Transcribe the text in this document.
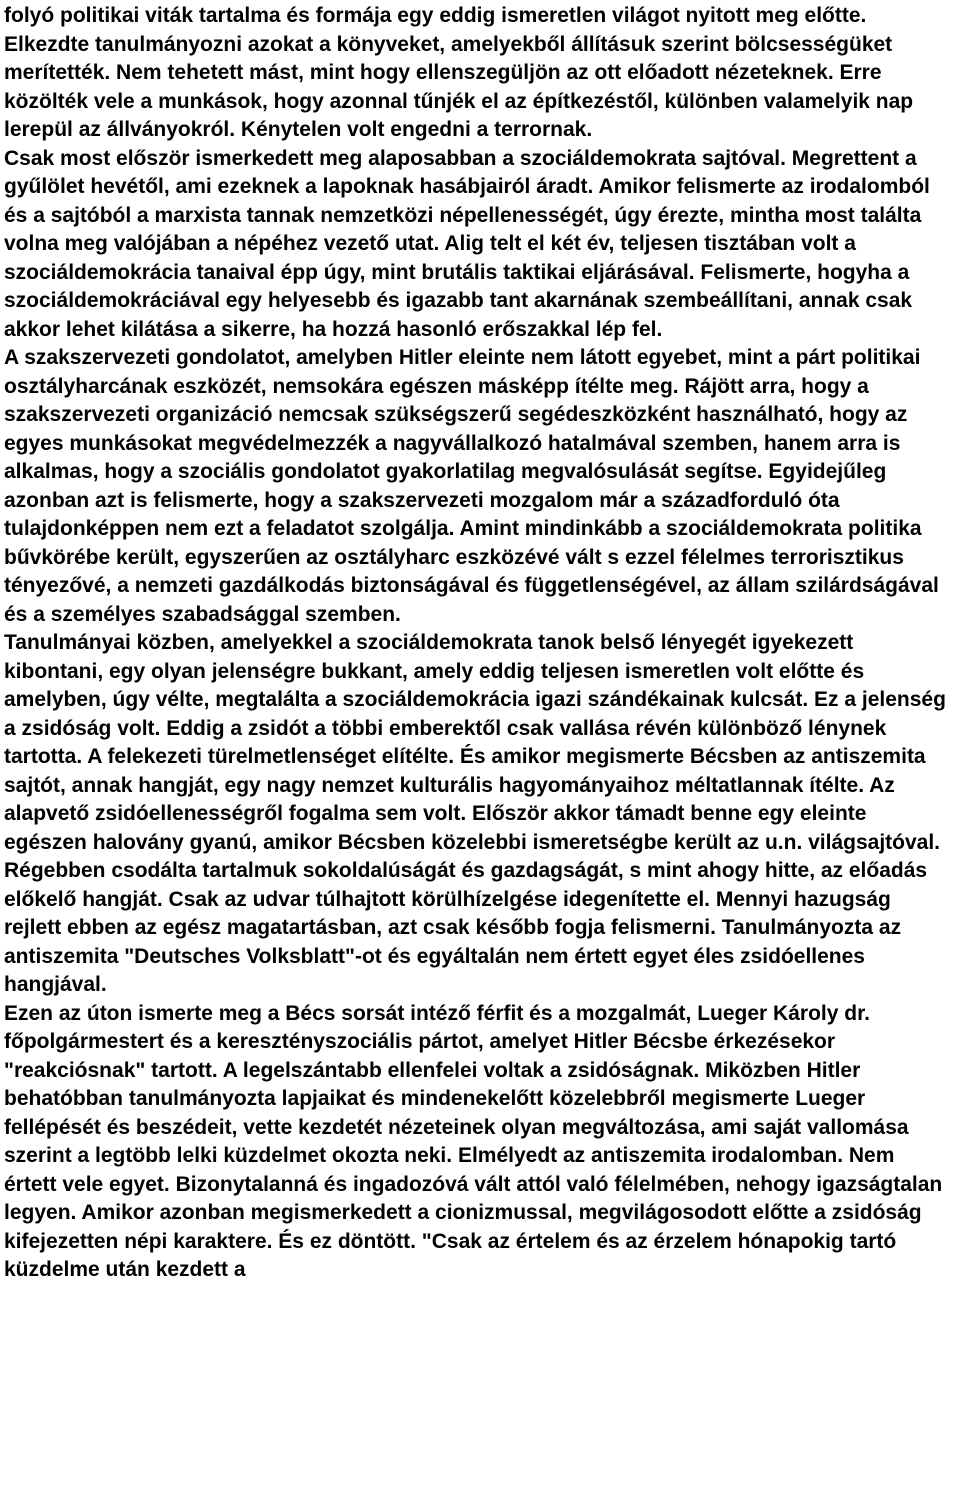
folyó politikai viták tartalma és formája egy eddig ismeretlen világot nyitott meg előtte. Elkezdte tanulmányozni azokat a könyveket, amelyekből állításuk szerint bölcsességüket merítették. Nem tehetett mást, mint hogy ellenszegüljön az ott előadott nézeteknek. Erre közölték vele a munkások, hogy azonnal tűnjék el az építkezéstől, különben valamelyik nap lerepül az állványokról. Kénytelen volt engedni a terrornak.

Csak most először ismerkedett meg alaposabban a szociáldemokrata sajtóval. Megrettent a gyűlölet hevétől, ami ezeknek a lapoknak hasábjairól áradt. Amikor felismerte az irodalomból és a sajtóból a marxista tannak nemzetközi népellenességét, úgy érezte, mintha most találta volna meg valójában a népéhez vezető utat. Alig telt el két év, teljesen tisztában volt a szociáldemokrácia tanaival épp úgy, mint brutális taktikai eljárásával. Felismerte, hogyha a szociáldemokráciával egy helyesebb és igazabb tant akarnának szembeállítani, annak csak akkor lehet kilátása a sikerre, ha hozzá hasonló erőszakkal lép fel.

A szakszervezeti gondolatot, amelyben Hitler eleinte nem látott egyebet, mint a párt politikai osztályharcának eszközét, nemsokára egészen másképp ítélte meg. Rájött arra, hogy a szakszervezeti organizáció nemcsak szükségszerű segédeszközként használható, hogy az egyes munkásokat megvédelmezzék a nagyvállalkozó hatalmával szemben, hanem arra is alkalmas, hogy a szociális gondolatot gyakorlatilag megvalósulását segítse. Egyidejűleg azonban azt is felismerte, hogy a szakszervezeti mozgalom már a századforduló óta tulajdonképpen nem ezt a feladatot szolgálja. Amint mindinkább a szociáldemokrata politika bűvkörébe került, egyszerűen az osztályharc eszközévé vált s ezzel félelmes terrorisztikus tényezővé, a nemzeti gazdálkodás biztonságával és függetlenségével, az állam szilárdságával és a személyes szabadsággal szemben.

Tanulmányai közben, amelyekkel a szociáldemokrata tanok belső lényegét igyekezett kibontani, egy olyan jelenségre bukkant, amely eddig teljesen ismeretlen volt előtte és amelyben, úgy vélte, megtalálta a szociáldemokrácia igazi szándékainak kulcsát. Ez a jelenség a zsidóság volt. Eddig a zsidót a többi emberektől csak vallása révén különböző lénynek tartotta. A felekezeti türelmetlenséget elítélte. És amikor megismerte Bécsben az antiszemita sajtót, annak hangját, egy nagy nemzet kulturális hagyományaihoz méltatlannak ítélte. Az alapvető zsidóellenességről fogalma sem volt. Először akkor támadt benne egy eleinte egészen halovány gyanú, amikor Bécsben közelebbi ismeretségbe került az u.n. világsajtóval. Régebben csodálta tartalmuk sokoldalúságát és gazdagságát, s mint ahogy hitte, az előadás előkelő hangját. Csak az udvar túlhajtott körülhízelgése idegenítette el. Mennyi hazugság rejlett ebben az egész magatartásban, azt csak később fogja felismerni. Tanulmányozta az antiszemita "Deutsches Volksblatt"-ot és egyáltalán nem értett egyet éles zsidóellenes hangjával.

Ezen az úton ismerte meg a Bécs sorsát intéző férfit és a mozgalmát, Lueger Károly dr. főpolgármestert és a keresztényszociális pártot, amelyet Hitler Bécsbe érkezésekor "reakciósnak" tartott. A legelszántabb ellenfelei voltak a zsidóságnak. Miközben Hitler behatóbban tanulmányozta lapjaikat és mindenekelőtt közelebbről megismerte Lueger fellépését és beszédeit, vette kezdetét nézeteinek olyan megváltozása, ami saját vallomása szerint a legtöbb lelki küzdelmet okozta neki. Elmélyedt az antiszemita irodalomban. Nem értett vele egyet. Bizonytalanná és ingadozóvá vált attól való félelmében, nehogy igazságtalan legyen. Amikor azonban megismerkedett a cionizmussal, megvilágosodott előtte a zsidóság kifejezetten népi karaktere. És ez döntött. "Csak az értelem és az érzelem hónapokig tartó küzdelme után kezdett a
